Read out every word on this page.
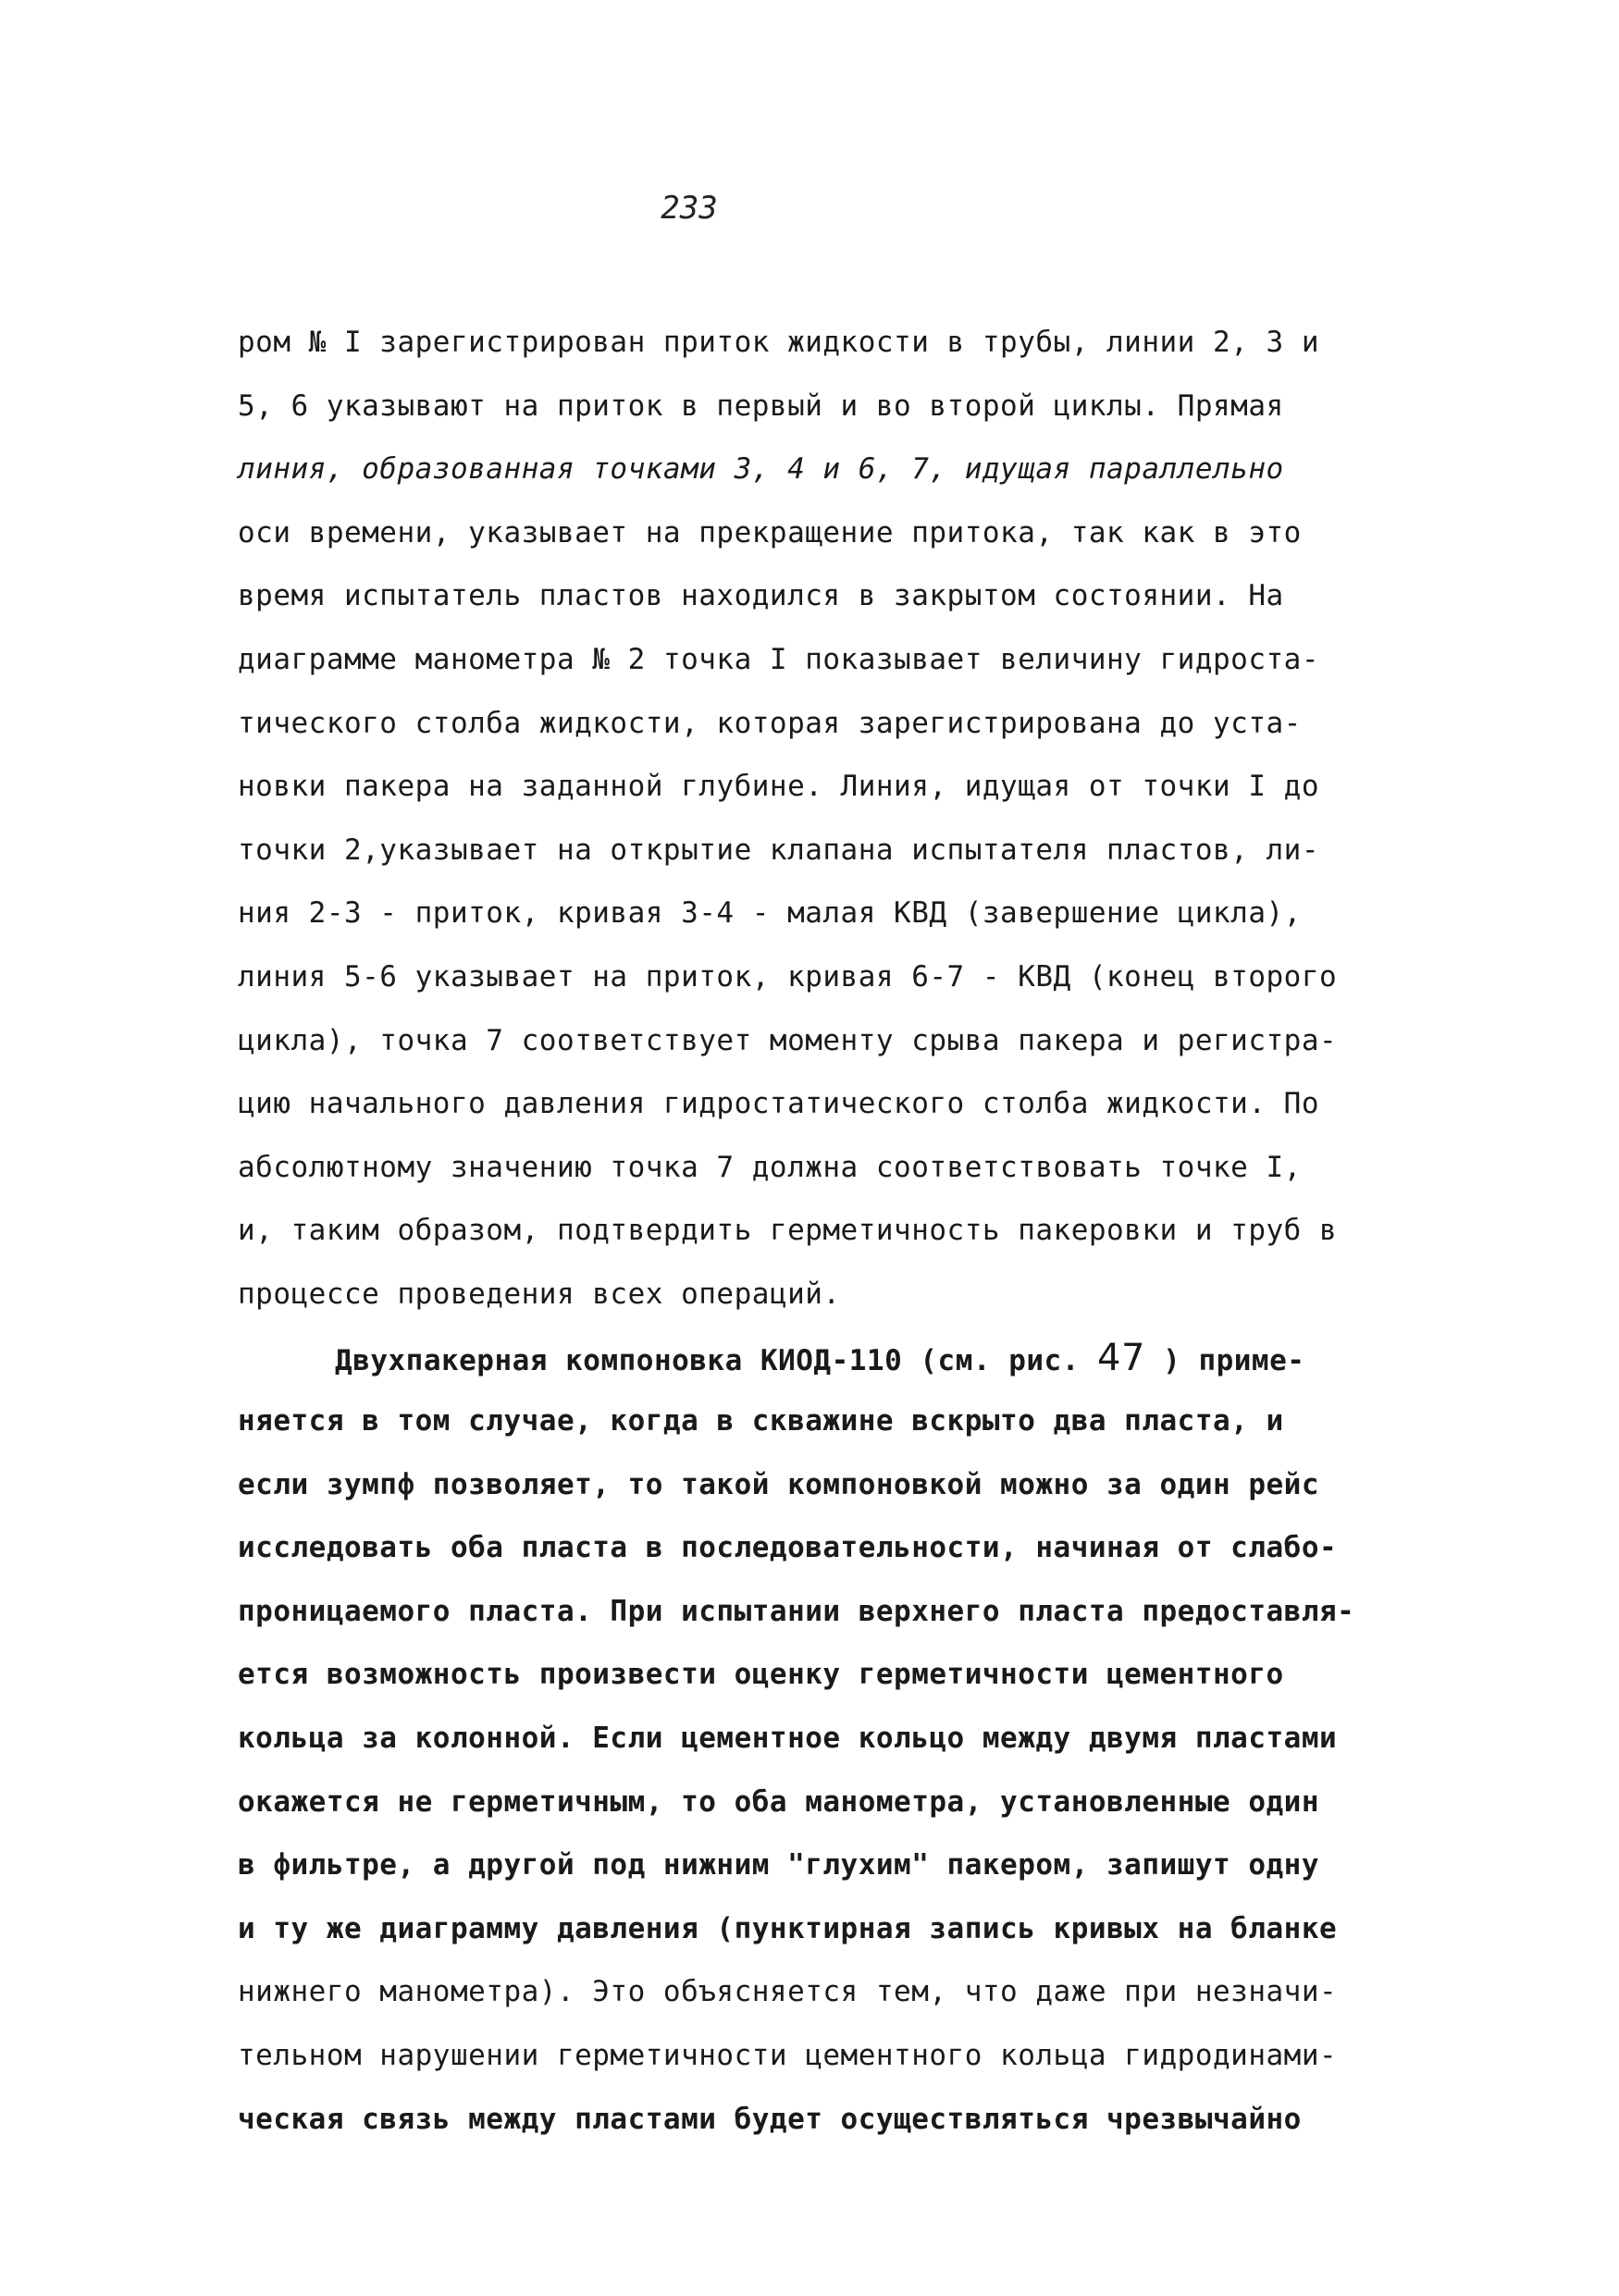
233
ром № I зарегистрирован приток жидкости в трубы, линии 2, 3 и
5, 6 указывают на приток в первый и во второй циклы. Прямая
линия, образованная точками 3, 4 и 6, 7, идущая параллельно
оси времени, указывает на прекращение притока, так как в это
время испытатель пластов находился в закрытом состоянии. На
диаграмме манометра № 2 точка I показывает величину гидроста-
тического столба жидкости, которая зарегистрирована до уста-
новки пакера на заданной глубине. Линия, идущая от точки I до
точки 2,указывает на открытие клапана испытателя пластов, ли-
ния 2-3 - приток, кривая 3-4 - малая КВД (завершение цикла),
линия 5-6 указывает на приток, кривая 6-7 - КВД (конец второго
цикла), точка 7 соответствует моменту срыва пакера и регистра-
цию начального давления гидростатического столба жидкости. По
абсолютному значению точка 7 должна соответствовать точке I,
и, таким образом, подтвердить герметичность пакеровки и труб в
процессе проведения всех операций.
Двухпакерная компоновка КИОД-110 (см. рис. 47 ) приме-
няется в том случае, когда в скважине вскрыто два пласта, и
если зумпф позволяет, то такой компоновкой можно за один рейс
исследовать оба пласта в последовательности, начиная от слабо-
проницаемого пласта. При испытании верхнего пласта предоставля-
ется возможность произвести оценку герметичности цементного
кольца за колонной. Если цементное кольцо между двумя пластами
окажется не герметичным, то оба манометра, установленные один
в фильтре, а другой под нижним "глухим" пакером, запишут одну
и ту же диаграмму давления (пунктирная запись кривых на бланке
нижнего манометра). Это объясняется тем, что даже при незначи-
тельном нарушении герметичности цементного кольца гидродинами-
ческая связь между пластами будет осуществляться чрезвычайно
